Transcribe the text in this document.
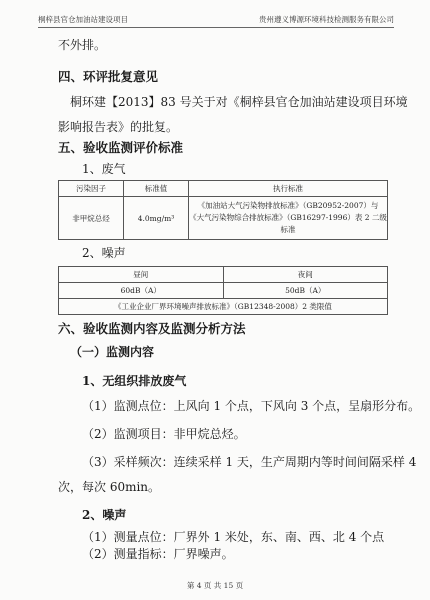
桐梓县官仓加油站建设项目	贵州遵义博源环境科技检测服务有限公司
不外排。
四、环评批复意见
桐环建【2013】83 号关于对《桐梓县官仓加油站建设项目环境
影响报告表》的批复。
五、验收监测评价标准
1、废气
污染因子	标准值	执行标准
非甲烷总烃	4.0mg/m³	《加油站大气污染物排放标准》（GB20952-2007）与
《大气污染物综合排放标准》（GB16297-1996）表 2 二级标准
2、噪声
昼间	夜间
60dB（A）	50dB（A）
《工业企业厂界环境噪声排放标准》（GB12348-2008）2 类限值	
六、验收监测内容及监测分析方法
（一）监测内容
1、无组织排放废气
（1）监测点位：上风向 1 个点，下风向 3 个点，呈扇形分布。
（2）监测项目：非甲烷总烃。
（3）采样频次：连续采样 1 天，生产周期内等时间间隔采样 4
次，每次 60min。
2、噪声
（1）测量点位：厂界外 1 米处，东、南、西、北 4 个点
第 4 页 共 15 页
（2）测量指标：厂界噪声。
